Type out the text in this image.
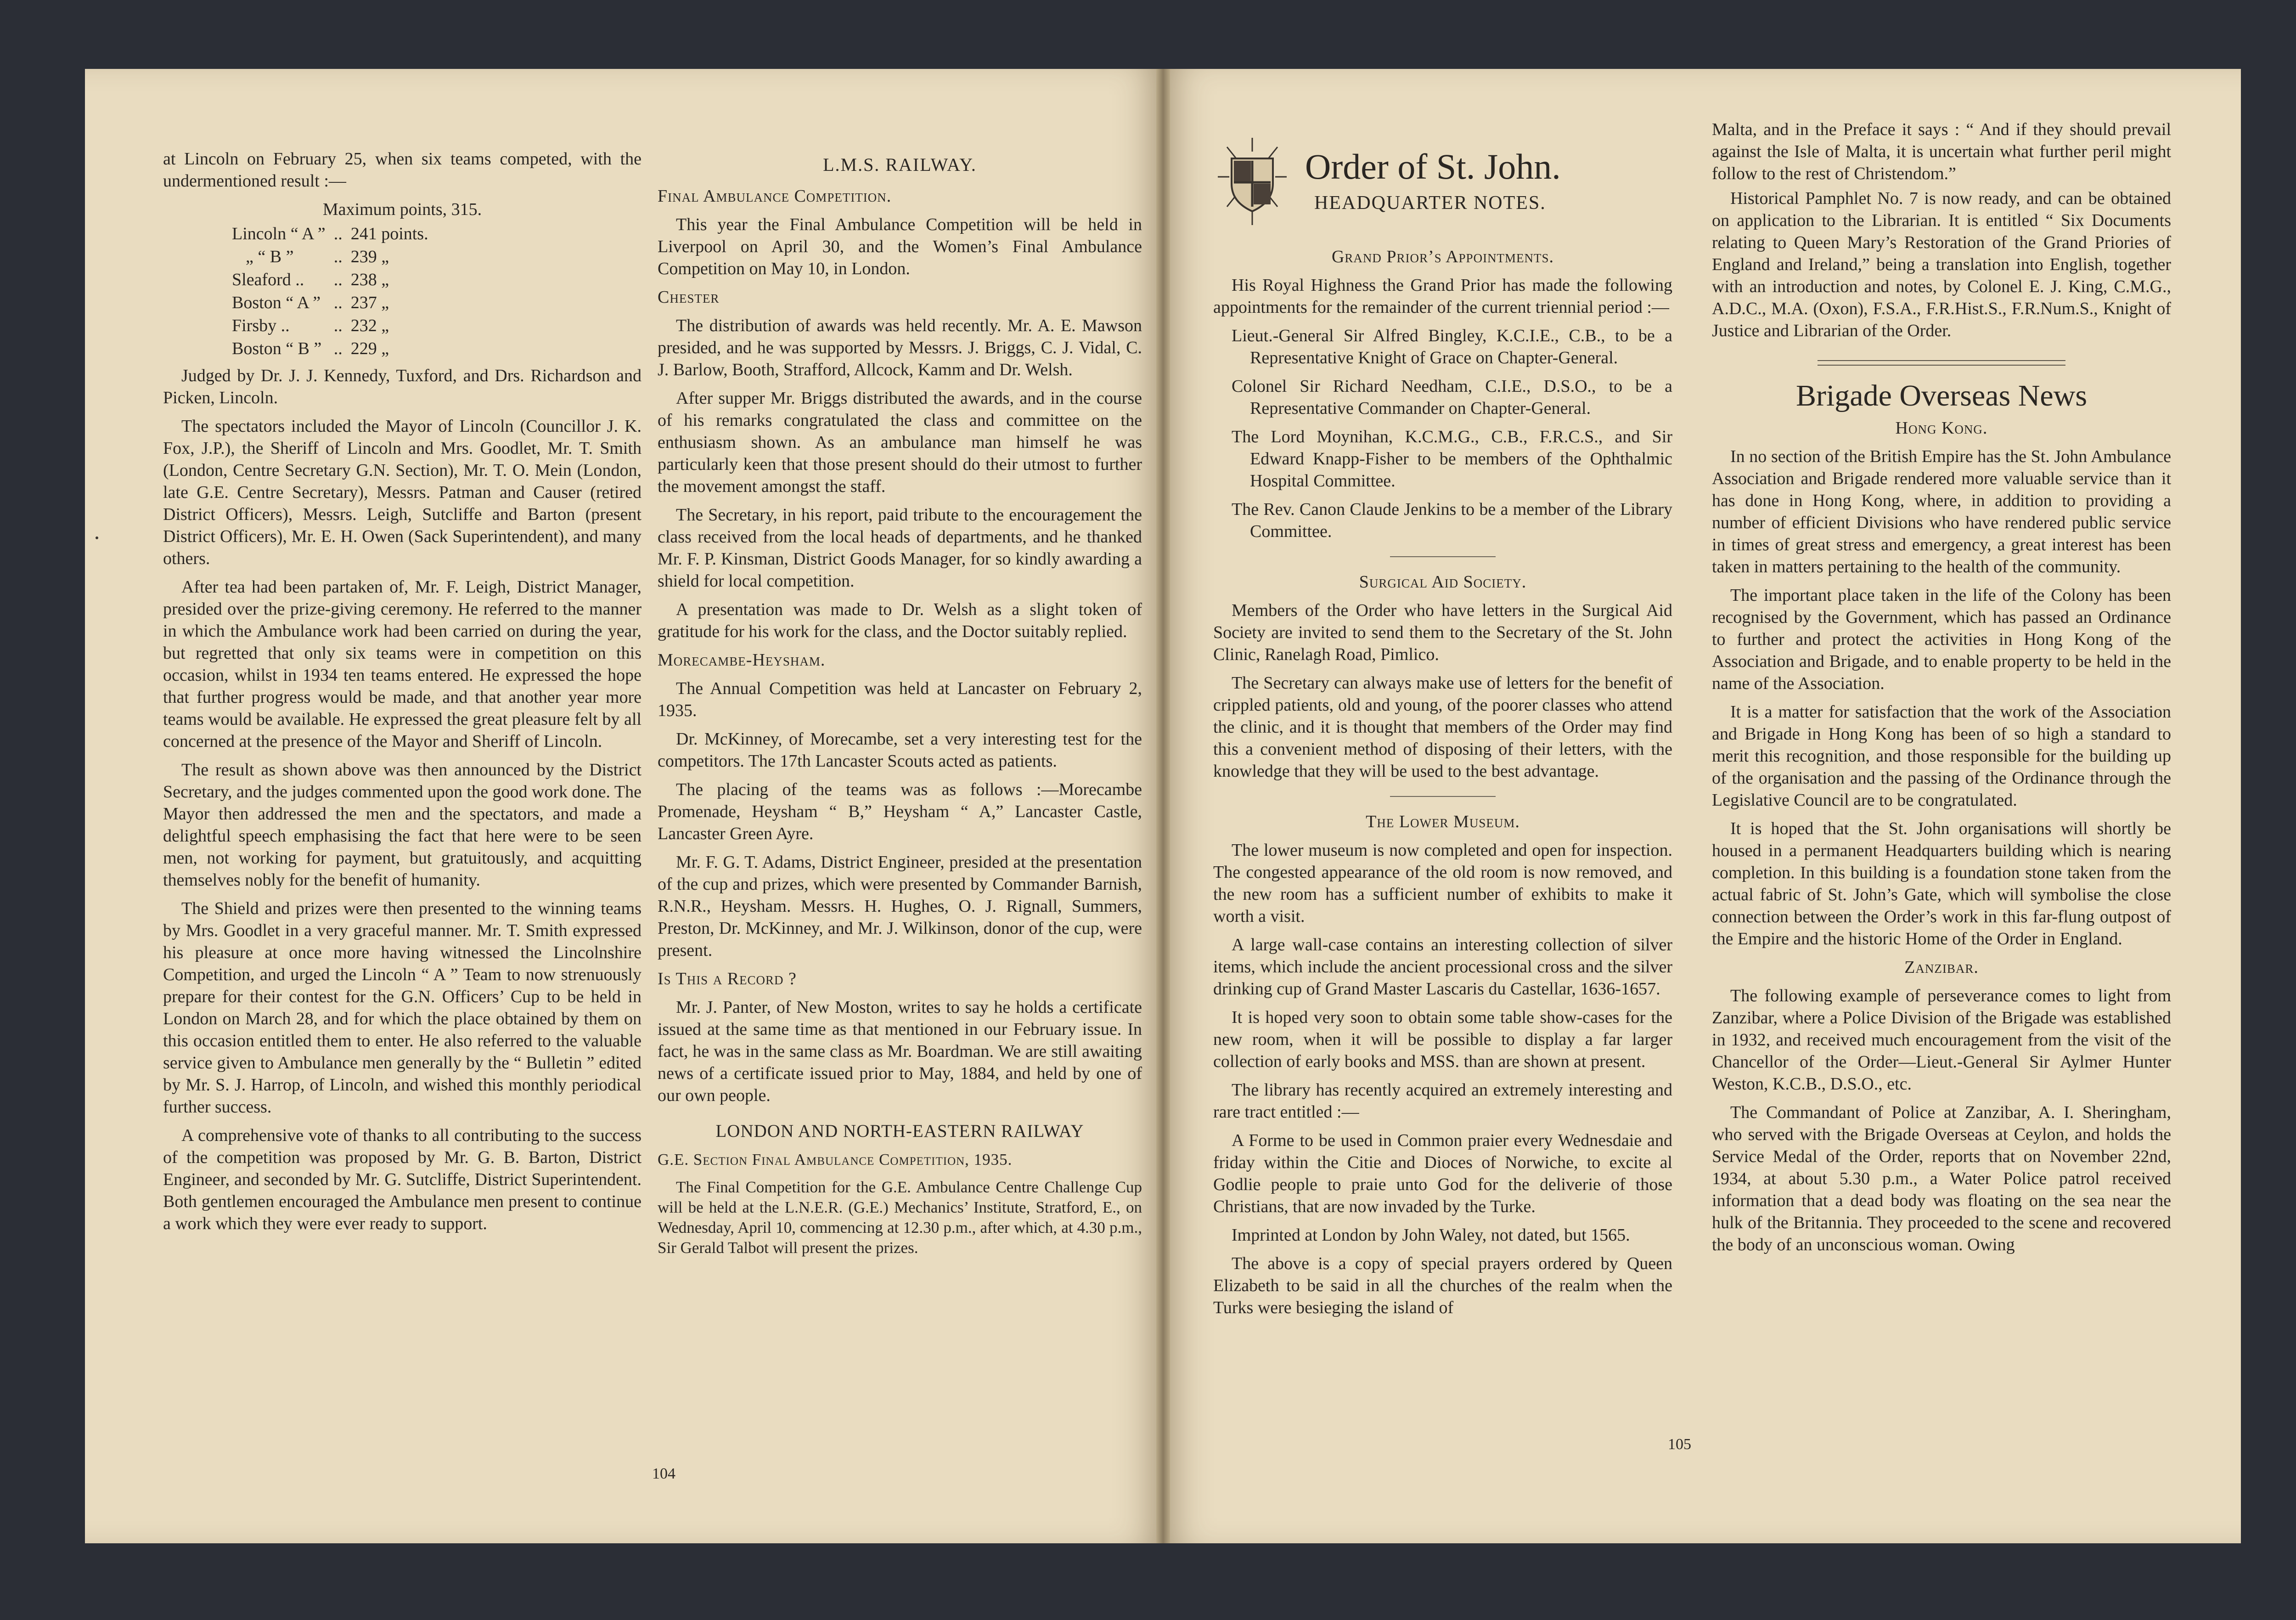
at Lincoln on February 25, when six teams competed, with the undermentioned result :—

Maximum points, 315.

Lincoln “ A ”	..	241 points.
„ “ B ”	..	239 „
Sleaford ..	..	238 „
Boston “ A ”	..	237 „
Firsby ..	..	232 „
Boston “ B ”	..	229 „

Judged by Dr. J. J. Kennedy, Tuxford, and Drs. Richardson and Picken, Lincoln.

The spectators included the Mayor of Lincoln (Councillor J. K. Fox, J.P.), the Sheriff of Lincoln and Mrs. Goodlet, Mr. T. Smith (London, Centre Secretary G.N. Section), Mr. T. O. Mein (London, late G.E. Centre Secretary), Messrs. Patman and Causer (retired District Officers), Messrs. Leigh, Sutcliffe and Barton (present District Officers), Mr. E. H. Owen (Sack Superintendent), and many others.

After tea had been partaken of, Mr. F. Leigh, District Manager, presided over the prize-giving ceremony. He referred to the manner in which the Ambulance work had been carried on during the year, but regretted that only six teams were in competition on this occasion, whilst in 1934 ten teams entered. He expressed the hope that further progress would be made, and that another year more teams would be available. He expressed the great pleasure felt by all concerned at the presence of the Mayor and Sheriff of Lincoln.

The result as shown above was then announced by the District Secretary, and the judges commented upon the good work done. The Mayor then addressed the men and the spectators, and made a delightful speech emphasising the fact that here were to be seen men, not working for payment, but gratuitously, and acquitting themselves nobly for the benefit of humanity.

The Shield and prizes were then presented to the winning teams by Mrs. Goodlet in a very graceful manner. Mr. T. Smith expressed his pleasure at once more having witnessed the Lincolnshire Competition, and urged the Lincoln “ A ” Team to now strenuously prepare for their contest for the G.N. Officers’ Cup to be held in London on March 28, and for which the place obtained by them on this occasion entitled them to enter. He also referred to the valuable service given to Ambulance men generally by the “ Bulletin ” edited by Mr. S. J. Harrop, of Lincoln, and wished this monthly periodical further success.

A comprehensive vote of thanks to all contributing to the success of the competition was proposed by Mr. G. B. Barton, District Engineer, and seconded by Mr. G. Sutcliffe, District Superintendent. Both gentlemen encouraged the Ambulance men present to continue a work which they were ever ready to support.

L.M.S. RAILWAY.

Final Ambulance Competition.

This year the Final Ambulance Competition will be held in Liverpool on April 30, and the Women’s Final Ambulance Competition on May 10, in London.

Chester

The distribution of awards was held recently. Mr. A. E. Mawson presided, and he was supported by Messrs. J. Briggs, C. J. Vidal, C. J. Barlow, Booth, Strafford, Allcock, Kamm and Dr. Welsh.

After supper Mr. Briggs distributed the awards, and in the course of his remarks congratulated the class and committee on the enthusiasm shown. As an ambulance man himself he was particularly keen that those present should do their utmost to further the movement amongst the staff.

The Secretary, in his report, paid tribute to the encouragement the class received from the local heads of departments, and he thanked Mr. F. P. Kinsman, District Goods Manager, for so kindly awarding a shield for local competition.

A presentation was made to Dr. Welsh as a slight token of gratitude for his work for the class, and the Doctor suitably replied.

Morecambe-Heysham.

The Annual Competition was held at Lancaster on February 2, 1935.

Dr. McKinney, of Morecambe, set a very interesting test for the competitors. The 17th Lancaster Scouts acted as patients.

The placing of the teams was as follows :—Morecambe Promenade, Heysham “ B,” Heysham “ A,” Lancaster Castle, Lancaster Green Ayre.

Mr. F. G. T. Adams, District Engineer, presided at the presentation of the cup and prizes, which were presented by Commander Barnish, R.N.R., Heysham. Messrs. H. Hughes, O. J. Rignall, Summers, Preston, Dr. McKinney, and Mr. J. Wilkinson, donor of the cup, were present.

Is This a Record ?

Mr. J. Panter, of New Moston, writes to say he holds a certificate issued at the same time as that mentioned in our February issue. In fact, he was in the same class as Mr. Boardman. We are still awaiting news of a certificate issued prior to May, 1884, and held by one of our own people.

LONDON AND NORTH-EASTERN RAILWAY

G.E. Section Final Ambulance Competition, 1935.

The Final Competition for the G.E. Ambulance Centre Challenge Cup will be held at the L.N.E.R. (G.E.) Mechanics’ Institute, Stratford, E., on Wednesday, April 10, commencing at 12.30 p.m., after which, at 4.30 p.m., Sir Gerald Talbot will present the prizes.

104
Order of St. John.
HEADQUARTER NOTES.

Grand Prior’s Appointments.

His Royal Highness the Grand Prior has made the following appointments for the remainder of the current triennial period :—

Lieut.-General Sir Alfred Bingley, K.C.I.E., C.B., to be a Representative Knight of Grace on Chapter-General.

Colonel Sir Richard Needham, C.I.E., D.S.O., to be a Representative Commander on Chapter-General.

The Lord Moynihan, K.C.M.G., C.B., F.R.C.S., and Sir Edward Knapp-Fisher to be members of the Ophthalmic Hospital Committee.

The Rev. Canon Claude Jenkins to be a member of the Library Committee.

Surgical Aid Society.

Members of the Order who have letters in the Surgical Aid Society are invited to send them to the Secretary of the St. John Clinic, Ranelagh Road, Pimlico.

The Secretary can always make use of letters for the benefit of crippled patients, old and young, of the poorer classes who attend the clinic, and it is thought that members of the Order may find this a convenient method of disposing of their letters, with the knowledge that they will be used to the best advantage.

The Lower Museum.

The lower museum is now completed and open for inspection. The congested appearance of the old room is now removed, and the new room has a sufficient number of exhibits to make it worth a visit.

A large wall-case contains an interesting collection of silver items, which include the ancient processional cross and the silver drinking cup of Grand Master Lascaris du Castellar, 1636-1657.

It is hoped very soon to obtain some table show-cases for the new room, when it will be possible to display a far larger collection of early books and MSS. than are shown at present.

The library has recently acquired an extremely interesting and rare tract entitled :—

A Forme to be used in Common praier every Wednesdaie and friday within the Citie and Dioces of Norwiche, to excite al Godlie people to praie unto God for the deliverie of those Christians, that are now invaded by the Turke.

Imprinted at London by John Waley, not dated, but 1565.

The above is a copy of special prayers ordered by Queen Elizabeth to be said in all the churches of the realm when the Turks were besieging the island of

Malta, and in the Preface it says : “ And if they should prevail against the Isle of Malta, it is uncertain what further peril might follow to the rest of Christendom.”

Historical Pamphlet No. 7 is now ready, and can be obtained on application to the Librarian. It is entitled “ Six Documents relating to Queen Mary’s Restoration of the Grand Priories of England and Ireland,” being a translation into English, together with an introduction and notes, by Colonel E. J. King, C.M.G., A.D.C., M.A. (Oxon), F.S.A., F.R.Hist.S., F.R.Num.S., Knight of Justice and Librarian of the Order.

Brigade Overseas News

Hong Kong.

In no section of the British Empire has the St. John Ambulance Association and Brigade rendered more valuable service than it has done in Hong Kong, where, in addition to providing a number of efficient Divisions who have rendered public service in times of great stress and emergency, a great interest has been taken in matters pertaining to the health of the community.

The important place taken in the life of the Colony has been recognised by the Government, which has passed an Ordinance to further and protect the activities in Hong Kong of the Association and Brigade, and to enable property to be held in the name of the Association.

It is a matter for satisfaction that the work of the Association and Brigade in Hong Kong has been of so high a standard to merit this recognition, and those responsible for the building up of the organisation and the passing of the Ordinance through the Legislative Council are to be congratulated.

It is hoped that the St. John organisations will shortly be housed in a permanent Headquarters building which is nearing completion. In this building is a foundation stone taken from the actual fabric of St. John’s Gate, which will symbolise the close connection between the Order’s work in this far-flung outpost of the Empire and the historic Home of the Order in England.

Zanzibar.

The following example of perseverance comes to light from Zanzibar, where a Police Division of the Brigade was established in 1932, and received much encouragement from the visit of the Chancellor of the Order—Lieut.-General Sir Aylmer Hunter Weston, K.C.B., D.S.O., etc.

The Commandant of Police at Zanzibar, A. I. Sheringham, who served with the Brigade Overseas at Ceylon, and holds the Service Medal of the Order, reports that on November 22nd, 1934, at about 5.30 p.m., a Water Police patrol received information that a dead body was floating on the sea near the hulk of the Britannia. They proceeded to the scene and recovered the body of an unconscious woman. Owing

105
